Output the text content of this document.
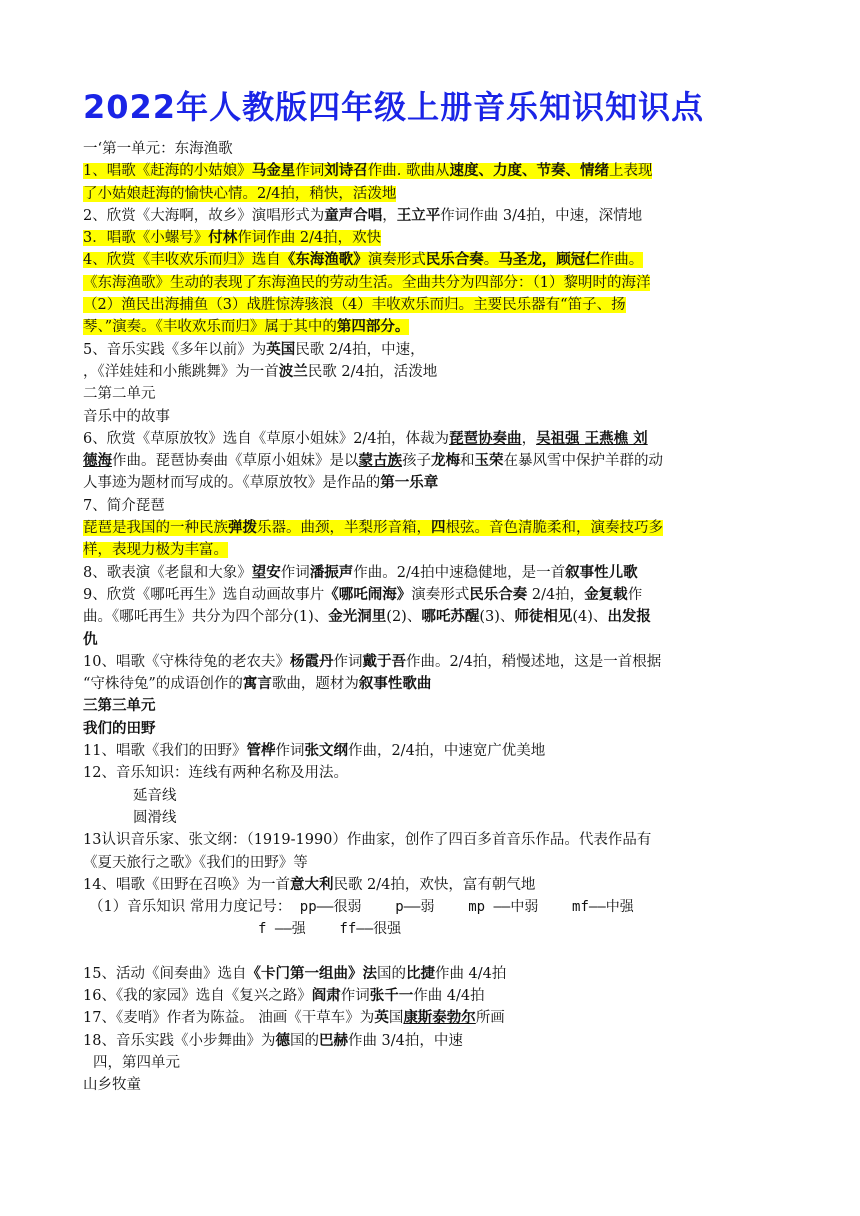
2022年人教版四年级上册音乐知识知识点
一‘第一单元：东海渔歌
1、唱歌《赶海的小姑娘》马金星作词刘诗召作曲. 歌曲从速度、力度、节奏、情绪上表现
了小姑娘赶海的愉快心情。2/4拍，稍快，活泼地
2、欣赏《大海啊，故乡》演唱形式为童声合唱，王立平作词作曲 3/4拍，中速，深情地
3．唱歌《小螺号》付林作词作曲 2/4拍，欢快
4、欣赏《丰收欢乐而归》选自《东海渔歌》演奏形式民乐合奏。马圣龙，顾冠仁作曲。
《东海渔歌》生动的表现了东海渔民的劳动生活。全曲共分为四部分：（1）黎明时的海洋
（2）渔民出海捕鱼（3）战胜惊涛骇浪（4）丰收欢乐而归。主要民乐器有“笛子、扬
琴、”演奏。《丰收欢乐而归》属于其中的第四部分。
5、音乐实践《多年以前》为英国民歌 2/4拍，中速，
，《洋娃娃和小熊跳舞》为一首波兰民歌 2/4拍，活泼地
二第二单元
音乐中的故事
6、欣赏《草原放牧》选自《草原小姐妹》2/4拍，体裁为琵琶协奏曲，吴祖强 王燕樵 刘
德海作曲。琵琶协奏曲《草原小姐妹》是以蒙古族孩子龙梅和玉荣在暴风雪中保护羊群的动
人事迹为题材而写成的。《草原放牧》是作品的第一乐章
7、简介琵琶
琵琶是我国的一种民族弹拨乐器。曲颈，半梨形音箱，四根弦。音色清脆柔和，演奏技巧多
样，表现力极为丰富。
8、歌表演《老鼠和大象》望安作词潘振声作曲。2/4拍中速稳健地，是一首叙事性儿歌
9、欣赏《哪吒再生》选自动画故事片《哪吒闹海》演奏形式民乐合奏 2/4拍，金复载作
曲。《哪吒再生》共分为四个部分(1)、金光洞里(2)、哪吒苏醒(3)、师徒相见(4)、出发报
仇
10、唱歌《守株待兔的老农夫》杨霞丹作词戴于吾作曲。2/4拍，稍慢述地，这是一首根据
“守株待兔”的成语创作的寓言歌曲，题材为叙事性歌曲
三第三单元
我们的田野
11、唱歌《我们的田野》管桦作词张文纲作曲，2/4拍，中速宽广优美地
12、音乐知识：连线有两种名称及用法。
延音线
圆滑线
13认识音乐家、张文纲：（1919-1990）作曲家，创作了四百多首音乐作品。代表作品有
《夏天旅行之歌》《我们的田野》等
14、唱歌《田野在召唤》为一首意大利民歌 2/4拍，欢快，富有朝气地
（1）音乐知识 常用力度记号： pp——很弱    p——弱    mp ——中弱    mf——中强
f ——强    ff——很强
15、活动《间奏曲》选自《卡门第一组曲》法国的比捷作曲 4/4拍
16、《我的家园》选自《复兴之路》阎肃作词张千一作曲 4/4拍
17、《麦哨》作者为陈益。 油画《干草车》为英国康斯泰勃尔所画
18、音乐实践《小步舞曲》为德国的巴赫作曲 3/4拍，中速
四，第四单元
山乡牧童
